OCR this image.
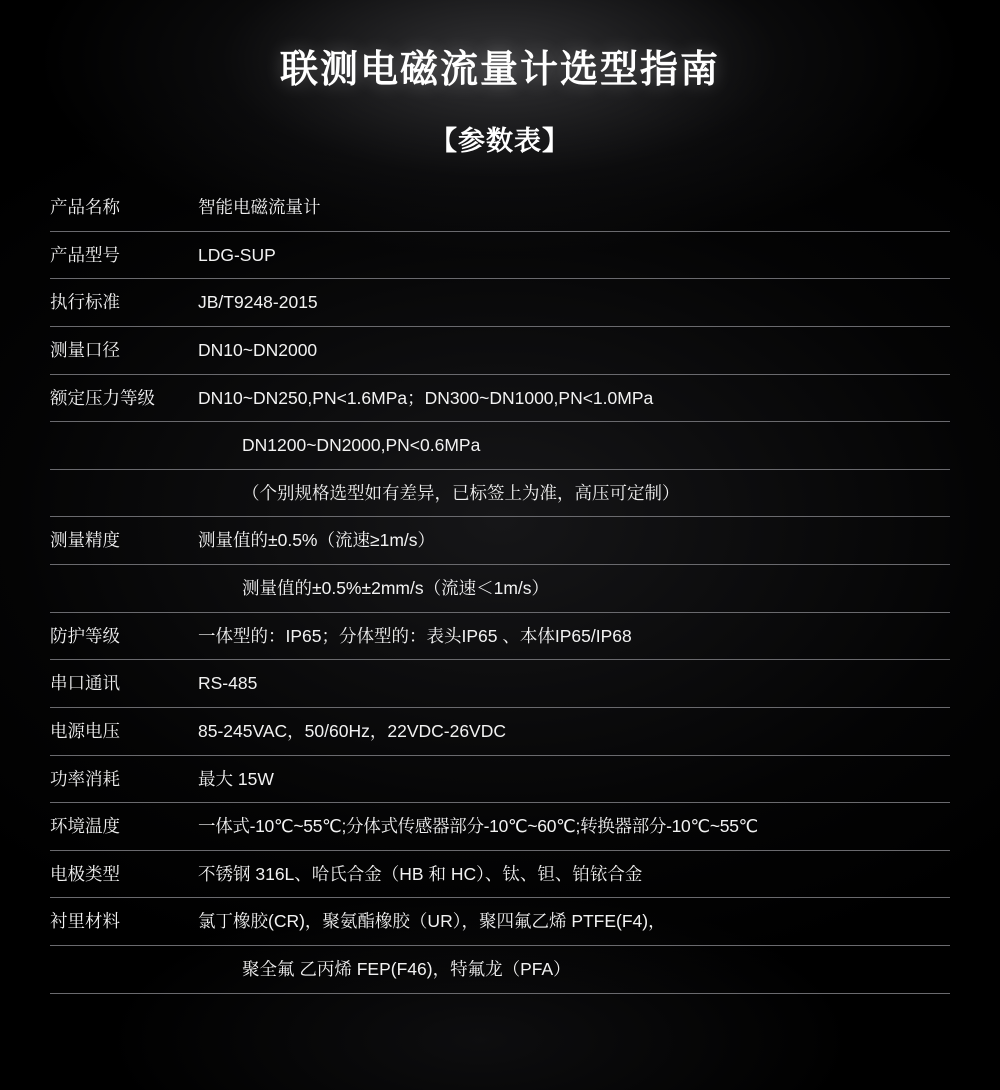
联测电磁流量计选型指南
【参数表】
产品名称	智能电磁流量计
产品型号	LDG-SUP
执行标准	JB/T9248-2015
测量口径	DN10~DN2000
额定压力等级	DN10~DN250,PN<1.6MPa；DN300~DN1000,PN<1.0MPa
	DN1200~DN2000,PN<0.6MPa
	（个别规格选型如有差异，已标签上为准，高压可定制）
测量精度	测量值的±0.5%（流速≥1m/s）
	测量值的±0.5%±2mm/s（流速＜1m/s）
防护等级	一体型的：IP65；分体型的：表头IP65 、本体IP65/IP68
串口通讯	RS-485
电源电压	85-245VAC，50/60Hz，22VDC-26VDC
功率消耗	最大 15W
环境温度	一体式-10℃~55℃;分体式传感器部分-10℃~60℃;转换器部分-10℃~55℃
电极类型	不锈钢 316L、哈氏合金（HB 和 HC）、钛、钽、铂铱合金
衬里材料	氯丁橡胶(CR)，聚氨酯橡胶（UR），聚四氟乙烯 PTFE(F4)，
	聚全氟 乙丙烯 FEP(F46)，特氟龙（PFA）
